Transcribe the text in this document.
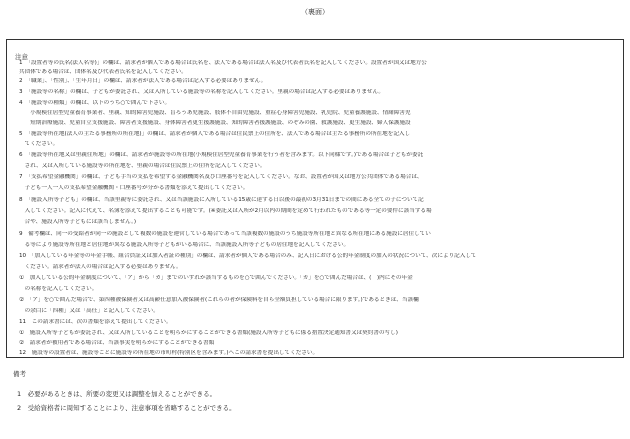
（裏面）
注意
1　「設置者等の氏名(法人名等)」の欄は、請求者が個人である場合は氏名を、法人である場合は法人名及び代表者氏名を記入してください。設置者が国又は地方公
共団体である場合は、団体名及び代表者氏名を記入してください。
2　「職業」、「性別」、「生年月日」の欄は、請求者が法人である場合は記入する必要はありません。
3　「施設等の名称」の欄は、子どもが委託され、又は入所している施設等の名称を記入してください。里親の場合は記入する必要はありません。
4　「施設等の種類」の欄は、以下のうち○で囲んで下さい。
　　小規模住居型児童養育事業者、里親、知的障害児施設、盲ろうあ児施設、肢体不自由児施設、重症心身障害児施設、乳児院、児童養護施設、情緒障害児
　　短期治療施設、児童自立支援施設、障害者支援施設、身体障害者更生援護施設、知的障害者援護施設、のぞみの園、救護施設、更生施設、婦人保護施設
5　「施設等所在地(法人の主たる事務所の所在地)」の欄は、請求者が個人である場合は住民票上の住所を、法人である場合は主たる事務所の所在地を記入し
　てください。
6　「施設等所在地又は里親住所地」の欄は、請求者が施設等の所在地(小規模住居型児童養育事業を行う者を含みます。以下同様です。)である場合は子どもが委託
　され、又は入所している施設等の所在地を、里親の場合は住民票上の住所を記入してください。
7　「支払希望金融機関」の欄は、子ども手当の支払を希望する金融機関名及び口座番号を記入してください。なお、設置者が国又は地方公共団体である場合は、
　子ども一人一人の支払希望金融機関・口座番号が分かる書類を添えて提出してください。
8　「施設入所等子ども」の欄は、当該里親等に委託され、又は当該施設に入所している15歳に達する日以後の最初の3月31日までの間にある全ての子について記
　入してください。記入に代えて、名簿を添えて提出することも可能です。(※委託又は入所が2月以内の期間を定めて行われたものである等一定の要件に該当する場
　合や、施設入所等子どもには該当しません。)
9　備考欄は、同一の受給者が同一の施設として複数の施設を運営している場合であって当該複数の施設のうち施設等所在地と異なる所在地にある施設に居住してい
　る等により施設等所在地と居住地が異なる施設入所等子どもがいる場合に、当該施設入所等子どもの居住地を記入してください。
10　「加入している年金等の年金手帳、組合員証又は加入者証の種別」の欄は、請求者が個人である場合のみ、記入日における公的年金制度の加入の状況について、次により記入して
　ください。請求者が法人の場合は記入する必要はありません。
①　加入している公的年金制度について、「ア」から「カ」までのいずれか該当するものを○で囲んでください。「カ」を○で囲んだ場合は、(　)内にその年金
　の名称を記入してください。
②　「ア」を○で囲んだ場合で、第四種被保険者又は高齢任意加入被保険者(これらの者が保険料を自ら全額負担している場合に限ります。)であるときは、当該欄
　の余白に「四種」又は「高任」と記入してください。
11　この請求書には、次の書類を添えて提出してください。
①　施設入所等子どもが委託され、又は入所していることを明らかにすることができる書類(施設入所等子どもに係る措置決定通知書又は契約書の写し)
②　請求者が被用者である場合は、当該事実を明らかにすることができる書類
12　施設等の設置者は、施設等ごとに施設等の所在地の市町村(特別区を含みます。)へこの請求書を提出してください。
備考
1　必要があるときは、所要の変更又は調整を加えることができる。
2　受給資格者に周知することにより、注意事項を省略することができる。
